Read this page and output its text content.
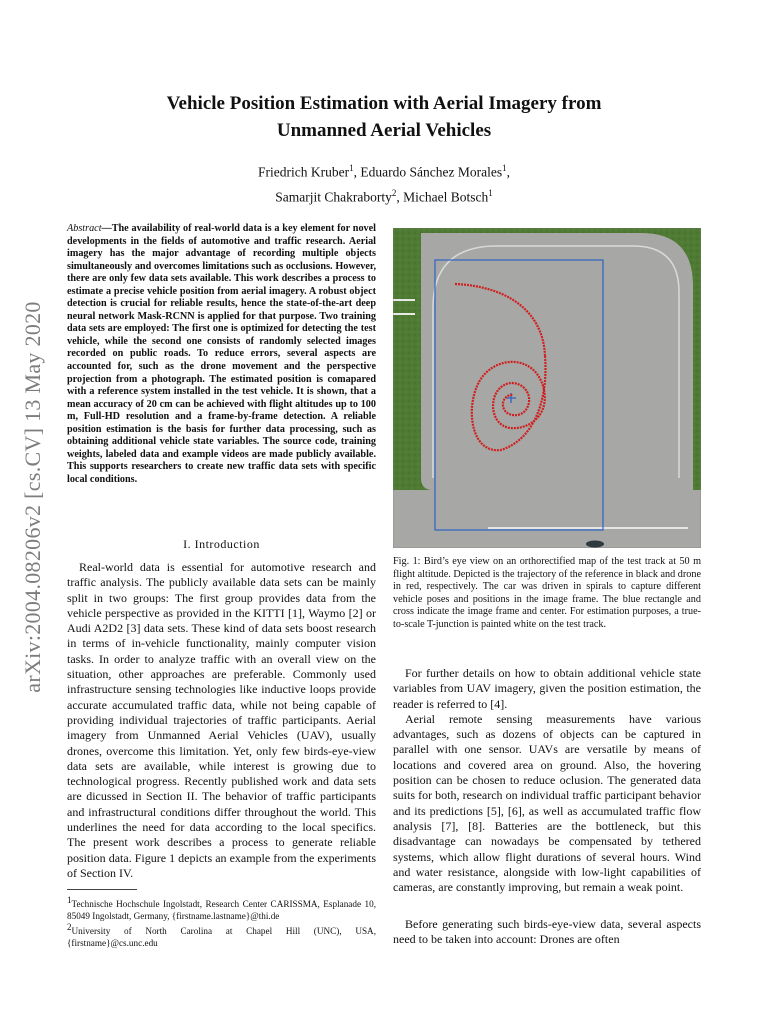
arXiv:2004.08206v2 [cs.CV] 13 May 2020
Vehicle Position Estimation with Aerial Imagery from
Unmanned Aerial Vehicles
Friedrich Kruber$^1$, Eduardo Sánchez Morales$^1$,
Samarjit Chakraborty$^2$, Michael Botsch$^1$
Abstract—The availability of real-world data is a key element for novel developments in the fields of automotive and traffic research. Aerial imagery has the major advantage of recording multiple objects simultaneously and overcomes limitations such as occlusions. However, there are only few data sets available. This work describes a process to estimate a precise vehicle position from aerial imagery. A robust object detection is crucial for reliable results, hence the state-of-the-art deep neural network Mask-RCNN is applied for that purpose. Two training data sets are employed: The first one is optimized for detecting the test vehicle, while the second one consists of randomly selected images recorded on public roads. To reduce errors, several aspects are accounted for, such as the drone movement and the perspective projection from a photograph. The estimated position is comapared with a reference system installed in the test vehicle. It is shown, that a mean accuracy of 20 cm can be achieved with flight altitudes up to 100 m, Full-HD resolution and a frame-by-frame detection. A reliable position estimation is the basis for further data processing, such as obtaining additional vehicle state variables. The source code, training weights, labeled data and example videos are made publicly available. This supports researchers to create new traffic data sets with specific local conditions.
I. Introduction

Real-world data is essential for automotive research and traffic analysis. The publicly available data sets can be mainly split in two groups: The first group provides data from the vehicle perspective as provided in the KITTI [1], Waymo [2] or Audi A2D2 [3] data sets. These kind of data sets boost research in terms of in-vehicle functionality, mainly computer vision tasks. In order to analyze traffic with an overall view on the situation, other approaches are preferable. Commonly used infrastructure sensing technologies like inductive loops provide accurate accumulated traffic data, while not being capable of providing individual trajectories of traffic participants. Aerial imagery from Unmanned Aerial Vehicles (UAV), usually drones, overcome this limitation. Yet, only few birds-eye-view data sets are available, while interest is growing due to technological progress. Recently published work and data sets are dicussed in Section II. The behavior of traffic participants and infrastructural conditions differ throughout the world. This underlines the need for data according to the local specifics. The present work describes a process to generate reliable position data. Figure 1 depicts an example from the experiments of Section IV.

$^1$Technische Hochschule Ingolstadt, Research Center CARISSMA, Esplanade 10, 85049 Ingolstadt, Germany, {firstname.lastname}@thi.de

$^2$University of North Carolina at Chapel Hill (UNC), USA, {firstname}@cs.unc.edu

Fig. 1: Bird’s eye view on an orthorectified map of the test track at 50 m flight altitude. Depicted is the trajectory of the reference in black and drone in red, respectively. The car was driven in spirals to capture different vehicle poses and positions in the image frame. The blue rectangle and cross indicate the image frame and center. For estimation purposes, a true-to-scale T-junction is painted white on the test track.

For further details on how to obtain additional vehicle state variables from UAV imagery, given the position estimation, the reader is referred to [4].

Aerial remote sensing measurements have various advantages, such as dozens of objects can be captured in parallel with one sensor. UAVs are versatile by means of locations and covered area on ground. Also, the hovering position can be chosen to reduce oclusion. The generated data suits for both, research on individual traffic participant behavior and its predictions [5], [6], as well as accumulated traffic flow analysis [7], [8]. Batteries are the bottleneck, but this disadvantage can nowadays be compensated by tethered systems, which allow flight durations of several hours. Wind and water resistance, alongside with low-light capabilities of cameras, are constantly improving, but remain a weak point.

Before generating such birds-eye-view data, several aspects need to be taken into account: Drones are often
